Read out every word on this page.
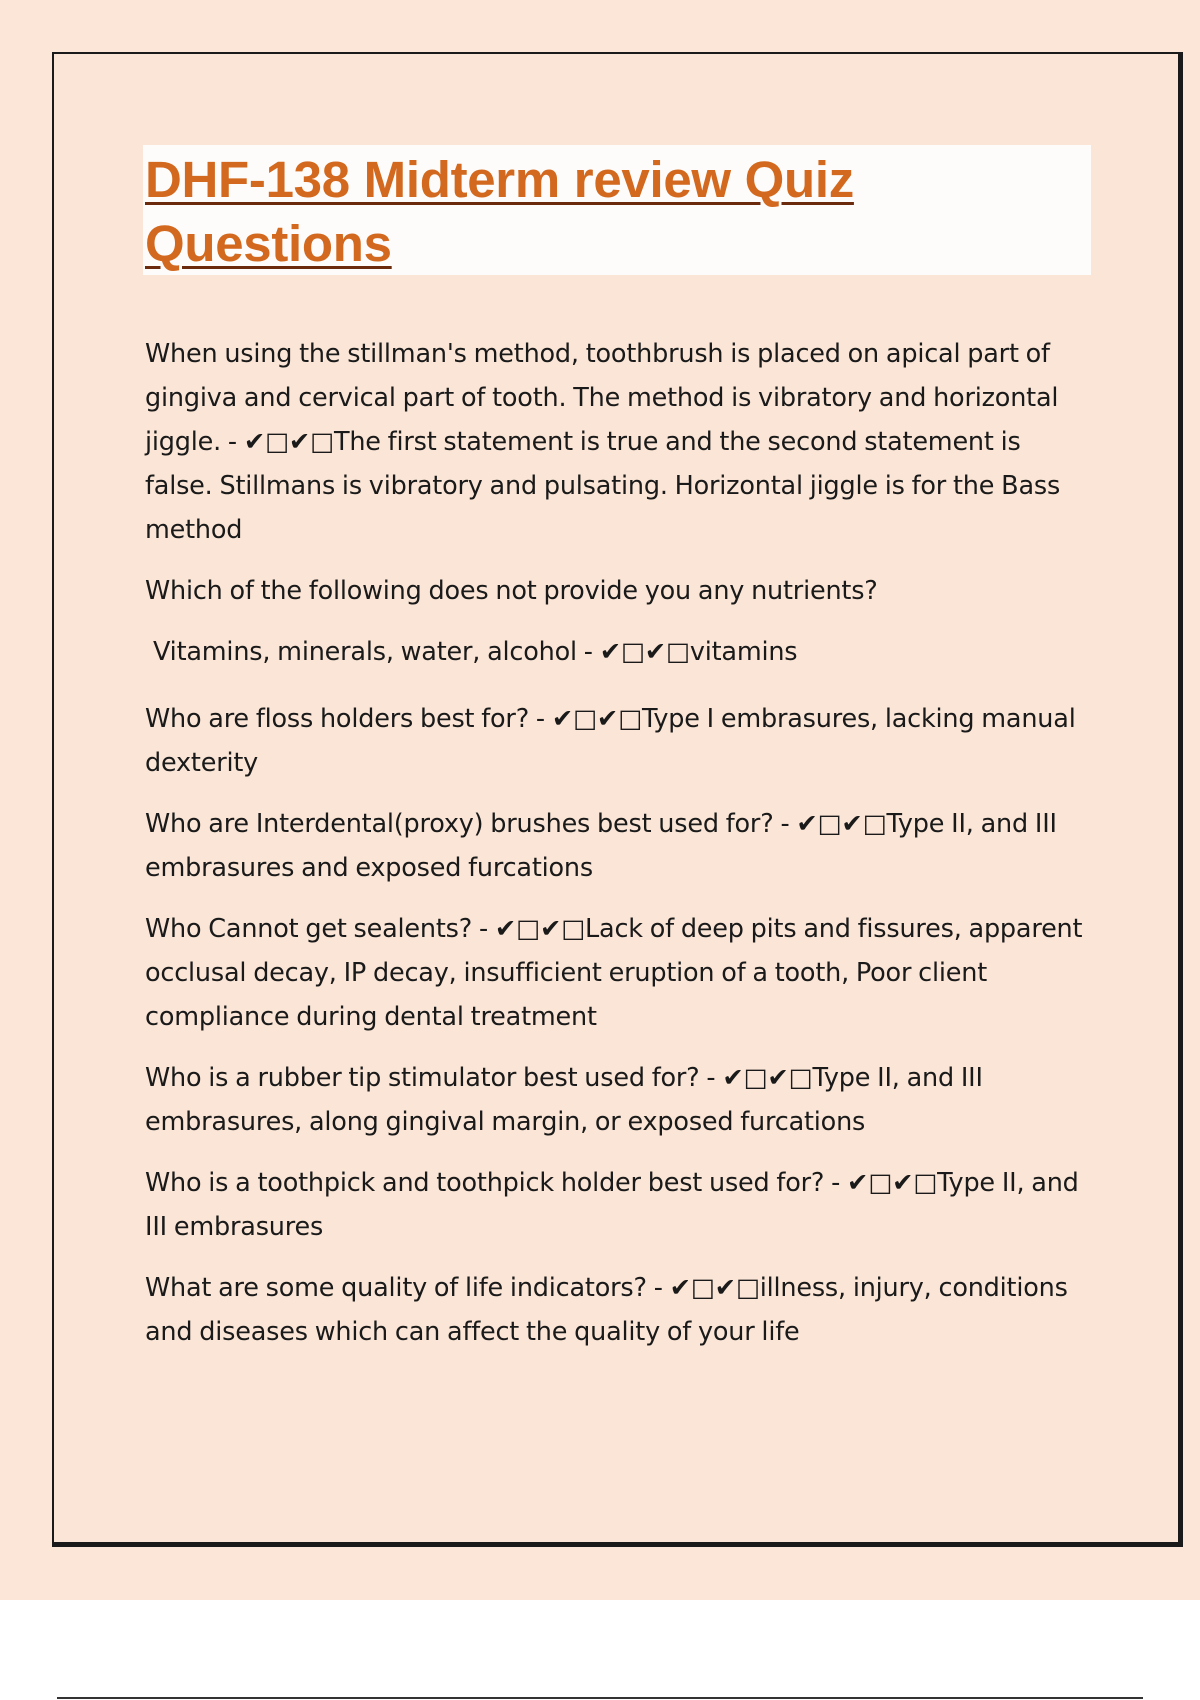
DHF-138 Midterm review Quiz Questions

When using the stillman's method, toothbrush is placed on apical part of gingiva and cervical part of tooth. The method is vibratory and horizontal jiggle. - ✔□✔□The first statement is true and the second statement is false. Stillmans is vibratory and pulsating. Horizontal jiggle is for the Bass method

Which of the following does not provide you any nutrients?

Vitamins, minerals, water, alcohol - ✔□✔□vitamins

Who are floss holders best for? - ✔□✔□Type I embrasures, lacking manual dexterity

Who are Interdental(proxy) brushes best used for? - ✔□✔□Type II, and III embrasures and exposed furcations

Who Cannot get sealents? - ✔□✔□Lack of deep pits and fissures, apparent occlusal decay, IP decay, insufficient eruption of a tooth, Poor client compliance during dental treatment

Who is a rubber tip stimulator best used for? - ✔□✔□Type II, and III embrasures, along gingival margin, or exposed furcations

Who is a toothpick and toothpick holder best used for? - ✔□✔□Type II, and III embrasures

What are some quality of life indicators? - ✔□✔□illness, injury, conditions and diseases which can affect the quality of your life
